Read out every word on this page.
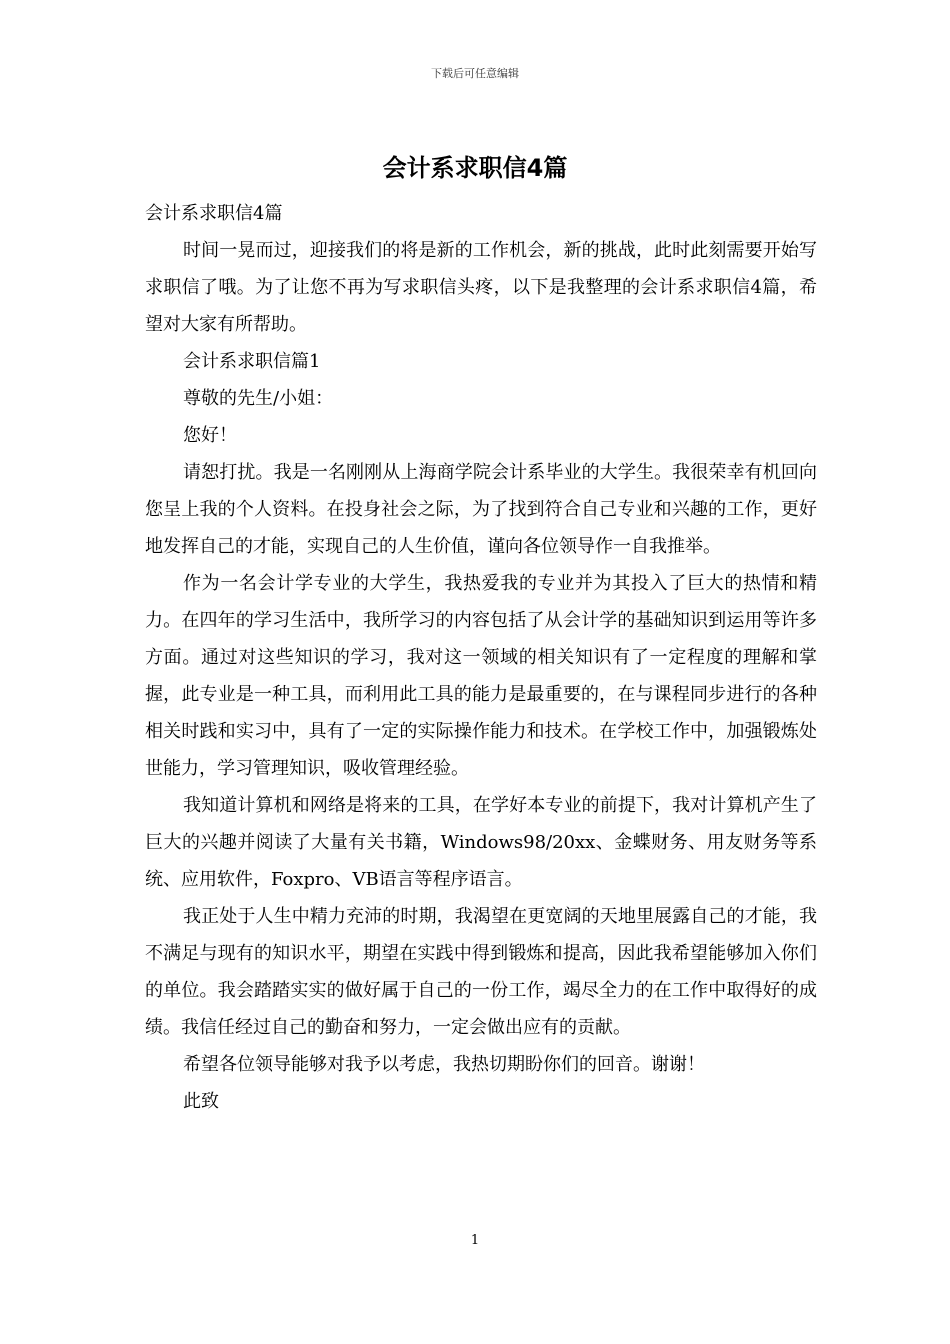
下载后可任意编辑
会计系求职信4篇

会计系求职信4篇

时间一晃而过，迎接我们的将是新的工作机会，新的挑战，此时此刻需要开始写求职信了哦。为了让您不再为写求职信头疼，以下是我整理的会计系求职信4篇，希望对大家有所帮助。

会计系求职信篇1

尊敬的先生/小姐：

您好！

请恕打扰。我是一名刚刚从上海商学院会计系毕业的大学生。我很荣幸有机回向您呈上我的个人资料。在投身社会之际，为了找到符合自己专业和兴趣的工作，更好地发挥自己的才能，实现自己的人生价值，谨向各位领导作一自我推举。

作为一名会计学专业的大学生，我热爱我的专业并为其投入了巨大的热情和精力。在四年的学习生活中，我所学习的内容包括了从会计学的基础知识到运用等许多方面。通过对这些知识的学习，我对这一领域的相关知识有了一定程度的理解和掌握，此专业是一种工具，而利用此工具的能力是最重要的，在与课程同步进行的各种相关时践和实习中，具有了一定的实际操作能力和技术。在学校工作中，加强锻炼处世能力，学习管理知识，吸收管理经验。

我知道计算机和网络是将来的工具，在学好本专业的前提下，我对计算机产生了巨大的兴趣并阅读了大量有关书籍，Windows98/20xx、金蝶财务、用友财务等系统、应用软件，Foxpro、VB语言等程序语言。

我正处于人生中精力充沛的时期，我渴望在更宽阔的天地里展露自己的才能，我不满足与现有的知识水平，期望在实践中得到锻炼和提高，因此我希望能够加入你们的单位。我会踏踏实实的做好属于自己的一份工作，竭尽全力的在工作中取得好的成绩。我信任经过自己的勤奋和努力，一定会做出应有的贡献。

希望各位领导能够对我予以考虑，我热切期盼你们的回音。谢谢！

此致

1
